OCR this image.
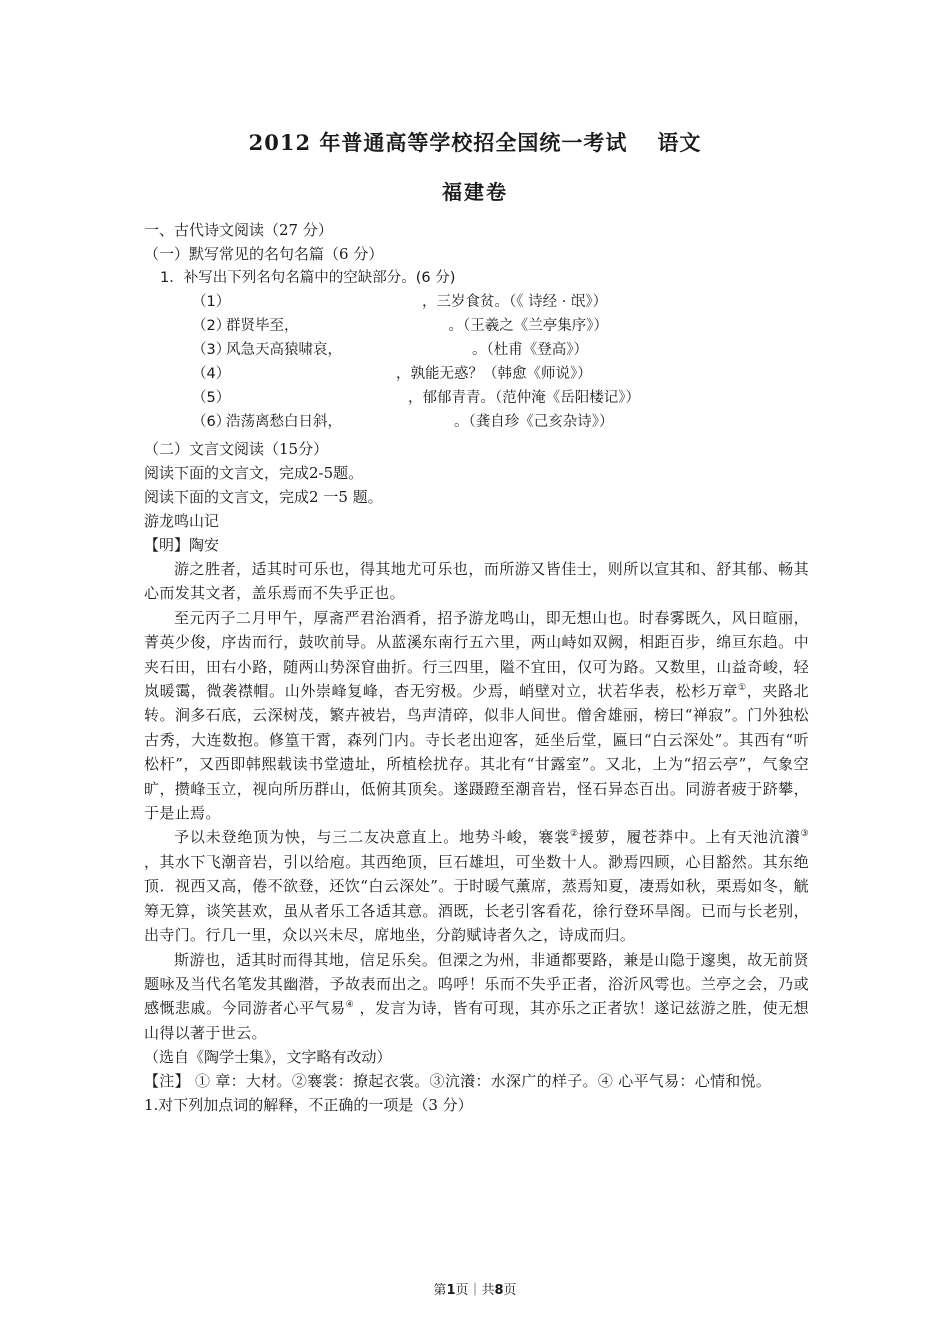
2012 年普通高等学校招全国统一考试 语文
福建卷

一、古代诗文阅读（27 分）

（一）默写常见的名句名篇（6 分）

1．补写出下列名句名篇中的空缺部分。(6 分)

（1）	，三岁食贫。（《 诗经 · 氓》）

（2）群贤毕至，	。（王羲之《兰亭集序》）

（3）风急天高猿啸哀，	。（杜甫《登高》）

（4）	，孰能无惑？（韩愈《师说》）

（5）	，郁郁青青。（范仲淹《岳阳楼记》）

（6）浩荡离愁白日斜，	。（龚自珍《己亥杂诗》）

（二）文言文阅读（15分）

阅读下面的文言文，完成2-5题。

阅读下面的文言文，完成2 一5 题。

游龙鸣山记

【明】陶安

游之胜者，适其时可乐也，得其地尤可乐也，而所游又皆佳士，则所以宣其和、舒其郁、畅其心而发其文者，盖乐焉而不失乎正也。

至元丙子二月甲午，厚斋严君治酒肴，招予游龙鸣山，即无想山也。时春雾既久，风日暄丽，菁英少俊，序齿而行，鼓吹前导。从蓝溪东南行五六里，两山峙如双阙，相距百步，绵亘东趋。中夹石田，田右小路，随两山势深窅曲折。行三四里，隘不宜田，仅可为路。又数里，山益奇峻，轻岚暖霭，微袭襟帽。山外崇峰复峰，杳无穷极。少焉，峭壁对立，状若华表，松杉万章①，夹路北转。涧多石底，云深树茂，繁卉被岩，鸟声清碎，似非人间世。僧舍雄丽，榜曰“禅寂”。门外独松古秀，大连数抱。修篁干霄，森列门内。寺长老出迎客，延坐后堂，匾曰“白云深处”。其西有“听松杆”，又西即韩熙载读书堂遗址，所植桧扰存。其北有“甘露室”。又北，上为“招云亭”，气象空旷，攒峰玉立，视向所历群山，低俯其顶矣。遂蹑蹬至潮音岩，怪石异态百出。同游者疲于跻攀，于是止焉。

予以未登绝顶为怏，与三二友决意直上。地势斗峻，褰裳②援萝，履苍莽中。上有天池沆瀁③ ，其水下飞潮音岩，引以给庖。其西绝顶，巨石雄坦，可坐数十人。渺焉四顾，心目豁然。其东绝顶．视西又高，倦不欲登，还饮“白云深处”。于时暖气薰席，蒸焉知夏，凄焉如秋，栗焉如冬，觥筹无算，谈笑甚欢，虽从者乐工各适其意。酒既，长老引客看花，徐行登环旱阁。已而与长老别，出寺门。行几一里，众以兴未尽，席地坐，分韵赋诗者久之，诗成而归。

斯游也，适其时而得其地，信足乐矣。但溧之为州，非通都要路，兼是山隐于邃奥，故无前贤题咏及当代名笔发其幽潜，予故表而出之。呜呼！乐而不失乎正者，浴沂风雩也。兰亭之会，乃或感慨悲戚。今同游者心平气易④ ，发言为诗，皆有可现，其亦乐之正者欤！遂记兹游之胜，使无想山得以著于世云。

（选自《陶学士集》，文字略有改动）

【注】 ① 章：大材。②褰裳：撩起衣裳。③沆瀁：水深广的样子。④ 心平气易：心情和悦。

1.对下列加点词的解释，不正确的一项是（3 分）

第1页｜共8页
